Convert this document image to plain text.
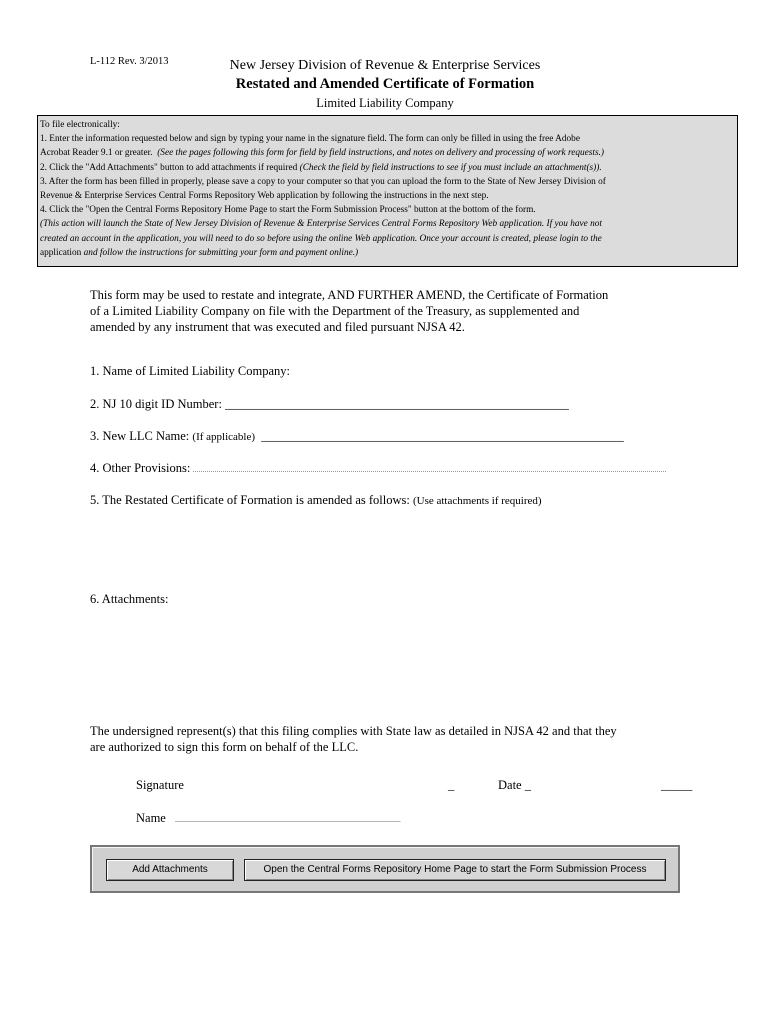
L-112 Rev. 3/2013	New Jersey Division of Revenue & Enterprise Services
Restated and Amended Certificate of Formation
Limited Liability Company
To file electronically:
1. Enter the information requested below and sign by typing your name in the signature field. The form can only be filled in using the free Adobe
Acrobat Reader 9.1 or greater. (See the pages following this form for field by field instructions, and notes on delivery and processing of work requests.)
2. Click the "Add Attachments" button to add attachments if required (Check the field by field instructions to see if you must include an attachment(s)).
3. After the form has been filled in properly, please save a copy to your computer so that you can upload the form to the State of New Jersey Division of
Revenue & Enterprise Services Central Forms Repository Web application by following the instructions in the next step.
4. Click the "Open the Central Forms Repository Home Page to start the Form Submission Process" button at the bottom of the form.
(This action will launch the State of New Jersey Division of Revenue & Enterprise Services Central Forms Repository Web application. If you have not
created an account in the application, you will need to do so before using the online Web application. Once your account is created, please login to the
application and follow the instructions for submitting your form and payment online.)
This form may be used to restate and integrate, AND FURTHER AMEND, the Certificate of Formation
of a Limited Liability Company on file with the Department of the Treasury, as supplemented and
amended by any instrument that was executed and filed pursuant NJSA 42.
1. Name of Limited Liability Company:
2. NJ 10 digit ID Number: _______________________________________________________
3. New LLC Name: (If applicable) __________________________________________________________
4. Other Provisions:
5. The Restated Certificate of Formation is amended as follows: (Use attachments if required)
6. Attachments:
The undersigned represent(s) that this filing complies with State law as detailed in NJSA 42 and that they
are authorized to sign this form on behalf of the LLC.
Signature	_	Date _	_____
Name _________________________________________
Add Attachments	Open the Central Forms Repository Home Page to start the Form Submission Process
